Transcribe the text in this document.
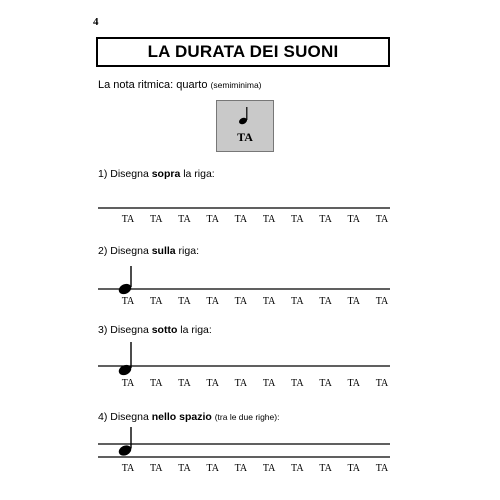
4
LA DURATA DEI SUONI
La nota ritmica: quarto (semiminima)
TA
1) Disegna sopra la riga:
TA TA TA TA TA TA TA TA TA TA
2) Disegna sulla riga:
TA TA TA TA TA TA TA TA TA TA
3) Disegna sotto la riga:
TA TA TA TA TA TA TA TA TA TA
4) Disegna nello spazio (tra le due righe):
TA TA TA TA TA TA TA TA TA TA
